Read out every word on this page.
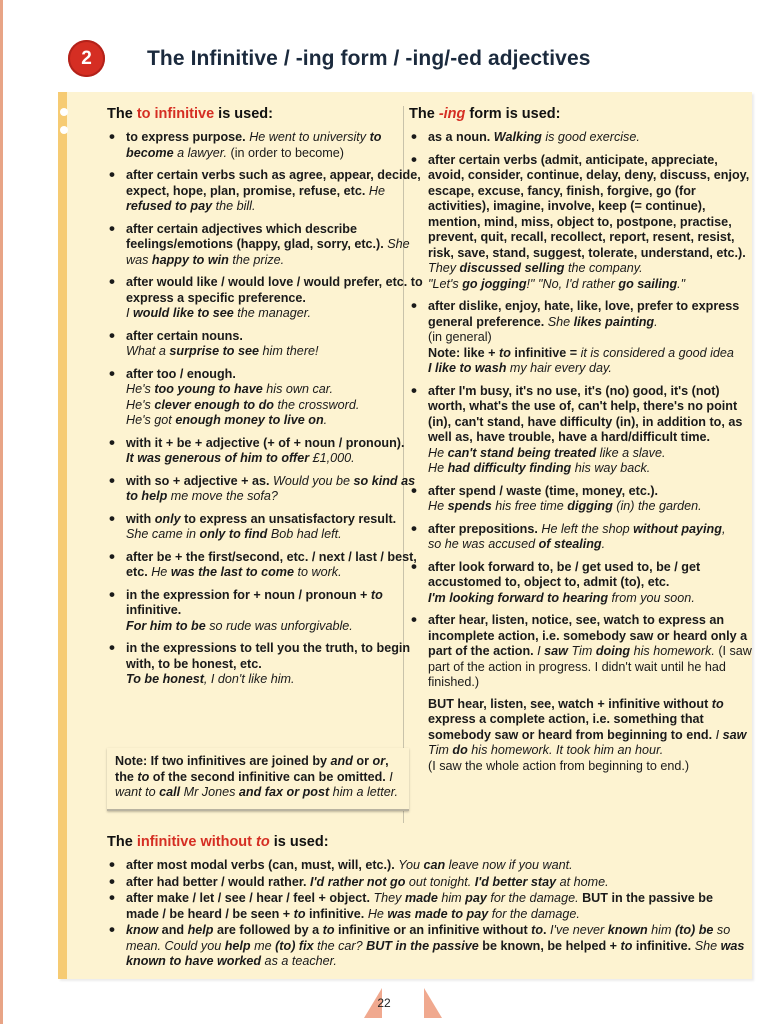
2	The Infinitive / -ing form / -ing/-ed adjectives
The to infinitive is used:
• to express purpose. He went to university to become a lawyer. (in order to become)
• after certain verbs such as agree, appear, decide, expect, hope, plan, promise, refuse, etc. He refused to pay the bill.
• after certain adjectives which describe feelings/emotions (happy, glad, sorry, etc.). She was happy to win the prize.
• after would like / would love / would prefer, etc. to express a specific preference.
I would like to see the manager.
• after certain nouns.
What a surprise to see him there!
• after too / enough.
He's too young to have his own car.
He's clever enough to do the crossword.
He's got enough money to live on.
• with it + be + adjective (+ of + noun / pronoun).
It was generous of him to offer £1,000.
• with so + adjective + as. Would you be so kind as to help me move the sofa?
• with only to express an unsatisfactory result.
She came in only to find Bob had left.
• after be + the first/second, etc. / next / last / best, etc. He was the last to come to work.
• in the expression for + noun / pronoun + to infinitive.
For him to be so rude was unforgivable.
• in the expressions to tell you the truth, to begin with, to be honest, etc.
To be honest, I don't like him.
Note: If two infinitives are joined by and or or, the to of the second infinitive can be omitted. I want to call Mr Jones and fax or post him a letter.
The -ing form is used:
• as a noun. Walking is good exercise.
• after certain verbs (admit, anticipate, appreciate, avoid, consider, continue, delay, deny, discuss, enjoy, escape, excuse, fancy, finish, forgive, go (for activities), imagine, involve, keep (= continue), mention, mind, miss, object to, postpone, practise, prevent, quit, recall, recollect, report, resent, resist, risk, save, stand, suggest, tolerate, understand, etc.).
They discussed selling the company.
"Let's go jogging!" "No, I'd rather go sailing."
• after dislike, enjoy, hate, like, love, prefer to express general preference. She likes painting.
(in general)
Note: like + to infinitive = it is considered a good idea
I like to wash my hair every day.
• after I'm busy, it's no use, it's (no) good, it's (not) worth, what's the use of, can't help, there's no point (in), can't stand, have difficulty (in), in addition to, as well as, have trouble, have a hard/difficult time.
He can't stand being treated like a slave.
He had difficulty finding his way back.
• after spend / waste (time, money, etc.).
He spends his free time digging (in) the garden.
• after prepositions. He left the shop without paying,
so he was accused of stealing.
• after look forward to, be / get used to, be / get accustomed to, object to, admit (to), etc.
I'm looking forward to hearing from you soon.
• after hear, listen, notice, see, watch to express an incomplete action, i.e. somebody saw or heard only a part of the action. I saw Tim doing his homework. (I saw part of the action in progress. I didn't wait until he had finished.)
BUT hear, listen, see, watch + infinitive without to express a complete action, i.e. something that somebody saw or heard from beginning to end. I saw Tim do his homework. It took him an hour.
(I saw the whole action from beginning to end.)
The infinitive without to is used:
• after most modal verbs (can, must, will, etc.). You can leave now if you want.
• after had better / would rather. I'd rather not go out tonight. I'd better stay at home.
• after make / let / see / hear / feel + object. They made him pay for the damage. BUT in the passive be made / be heard / be seen + to infinitive. He was made to pay for the damage.
• know and help are followed by a to infinitive or an infinitive without to. I've never known him (to) be so mean. Could you help me (to) fix the car? BUT in the passive be known, be helped + to infinitive. She was known to have worked as a teacher.
22
